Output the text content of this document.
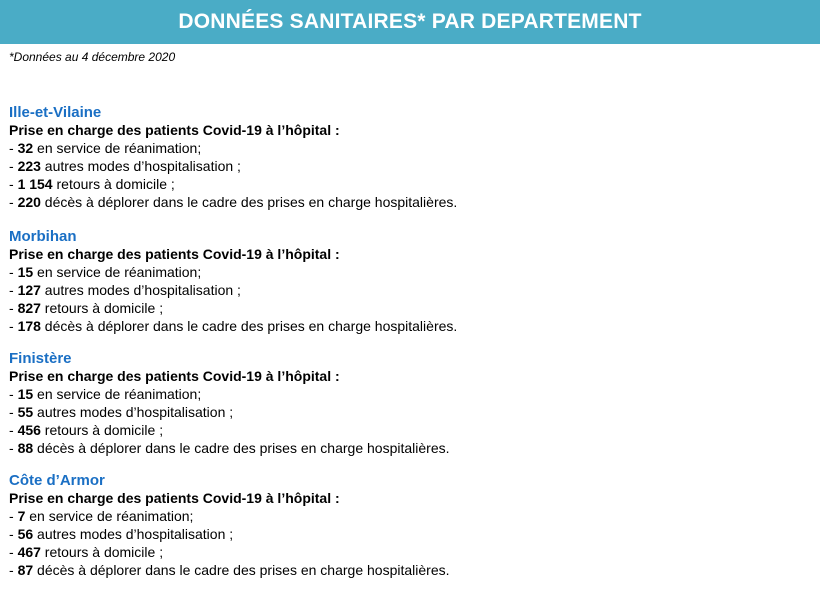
DONNÉES SANITAIRES* PAR DEPARTEMENT
*Données au 4 décembre 2020
Ille-et-Vilaine
Prise en charge des patients Covid-19 à l’hôpital :
- 32 en service de réanimation;
- 223 autres modes d’hospitalisation ;
- 1 154 retours à domicile ;
- 220 décès à déplorer dans le cadre des prises en charge hospitalières.
Morbihan
Prise en charge des patients Covid-19 à l’hôpital :
- 15 en service de réanimation;
- 127 autres modes d’hospitalisation ;
- 827 retours à domicile ;
- 178 décès à déplorer dans le cadre des prises en charge hospitalières.
Finistère
Prise en charge des patients Covid-19 à l’hôpital :
- 15 en service de réanimation;
- 55 autres modes d’hospitalisation ;
- 456 retours à domicile ;
- 88 décès à déplorer dans le cadre des prises en charge hospitalières.
Côte d’Armor
Prise en charge des patients Covid-19 à l’hôpital :
- 7 en service de réanimation;
- 56 autres modes d’hospitalisation ;
- 467 retours à domicile ;
- 87 décès à déplorer dans le cadre des prises en charge hospitalières.
